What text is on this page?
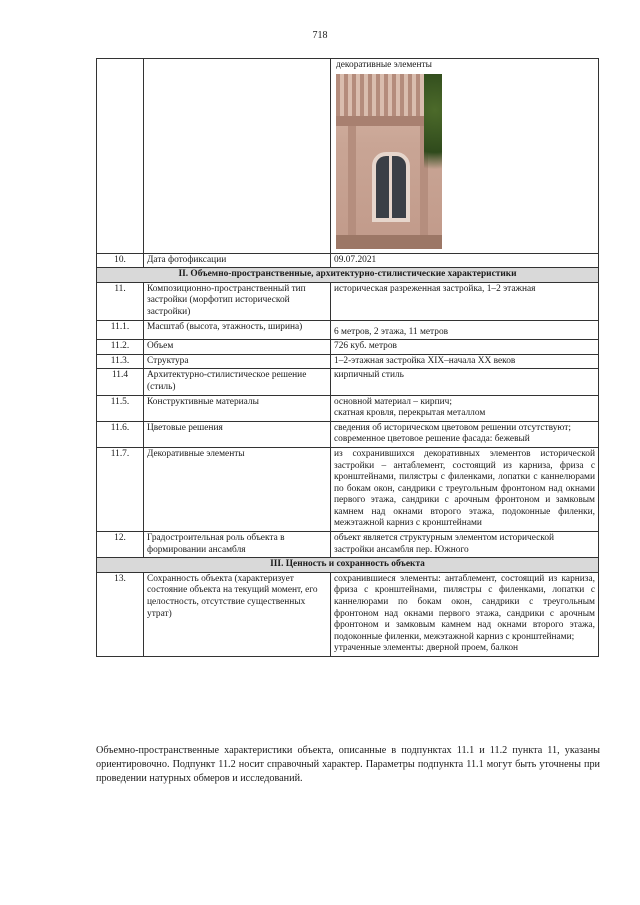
718

		декоративные элементы

10.	Дата фотофиксации	09.07.2021
II. Объемно-пространственные, архитектурно-стилистические характеристики		
11.	Композиционно-пространственный тип застройки (морфотип исторической застройки)	историческая разреженная застройка, 1–2 этажная
11.1.	Масштаб (высота, этажность, ширина)	6 метров, 2 этажа, 11 метров
11.2.	Объем	726 куб. метров
11.3.	Структура	1–2-этажная застройка XIX–начала XX веков
11.4	Архитектурно-стилистическое решение (стиль)	кирпичный стиль
11.5.	Конструктивные материалы	основной материал – кирпич;
скатная кровля, перекрытая металлом

11.6.	Цветовые решения	сведения об историческом цветовом решении отсутствуют;
современное цветовое решение фасада: бежевый

11.7.	Декоративные элементы	из сохранившихся декоративных элементов исторической застройки – антаблемент, состоящий из карниза, фриза с кронштейнами, пилястры с филенками, лопатки с каннелюрами по бокам окон, сандрики с треугольным фронтоном над окнами первого этажа, сандрики с арочным фронтоном и замковым камнем над окнами второго этажа, подоконные филенки, межэтажной карниз с кронштейнами
12.	Градостроительная роль объекта в формировании ансамбля	объект является структурным элементом исторической застройки ансамбля пер. Южного
III. Ценность и сохранность объекта		
13.	Сохранность объекта (характеризует состояние объекта на текущий момент, его целостность, отсутствие существенных утрат)	сохранившиеся элементы: антаблемент, состоящий из карниза, фриза с кронштейнами, пилястры с филенками, лопатки с каннелюрами по бокам окон, сандрики с треугольным фронтоном над окнами первого этажа, сандрики с арочным фронтоном и замковым камнем над окнами второго этажа, подоконные филенки, межэтажной карниз с кронштейнами;
утраченные элементы: дверной проем, балкон
Объемно-пространственные характеристики объекта, описанные в подпунктах 11.1 и 11.2 пункта 11, указаны ориентировочно. Подпункт 11.2 носит справочный характер. Параметры подпункта 11.1 могут быть уточнены при проведении натурных обмеров и исследований.
